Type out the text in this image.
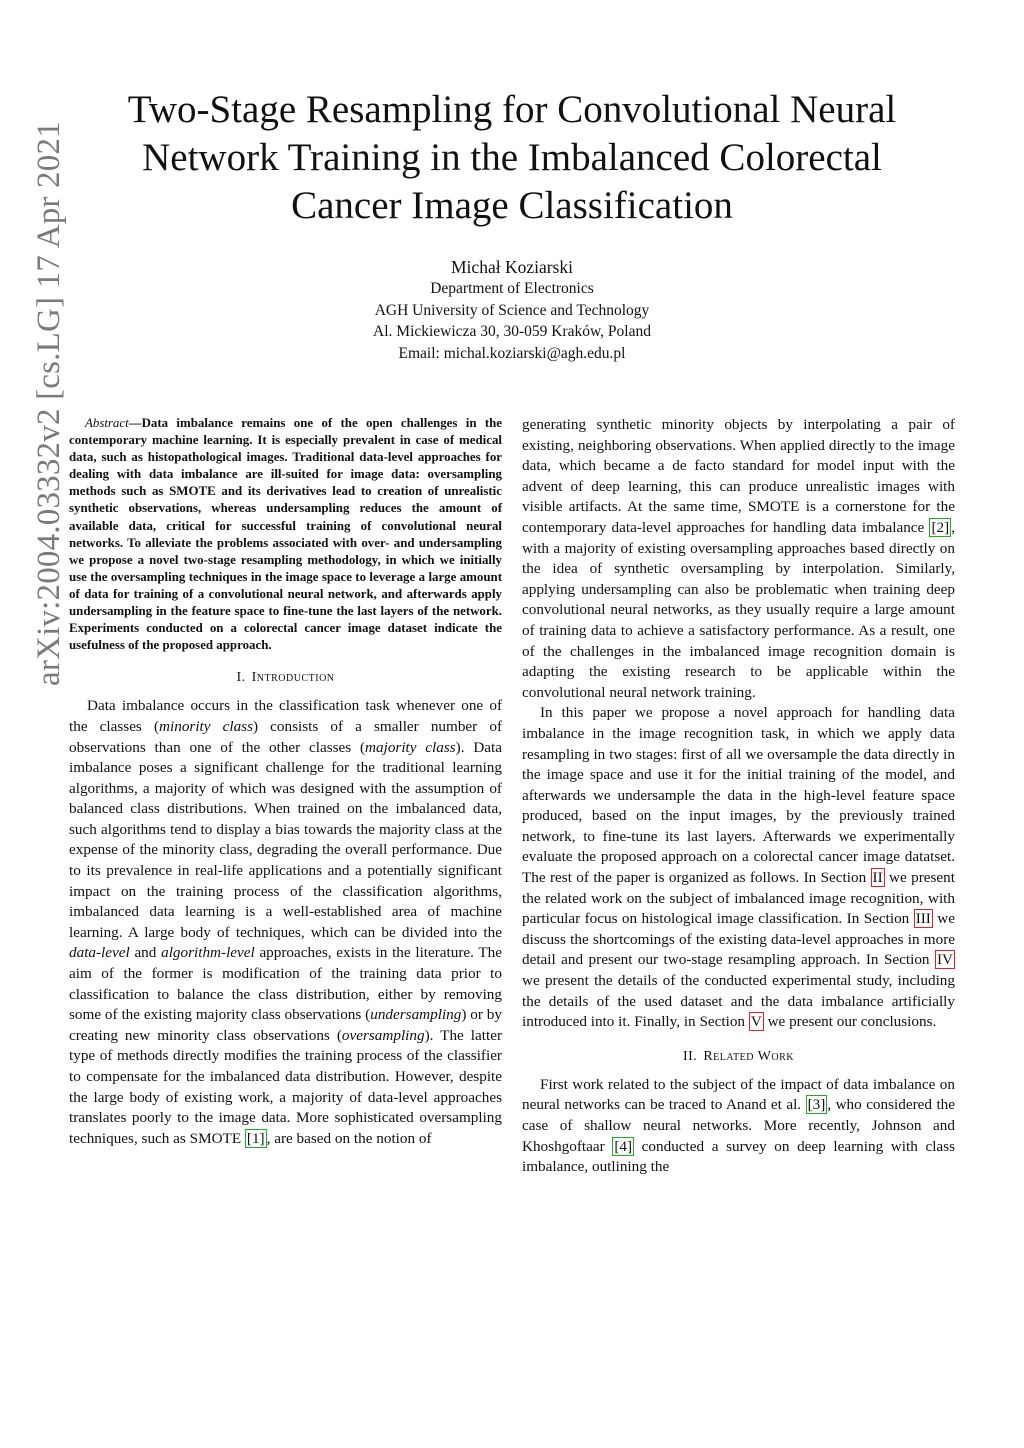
Two-Stage Resampling for Convolutional Neural
Network Training in the Imbalanced Colorectal
Cancer Image Classification
Michał Koziarski
Department of Electronics
AGH University of Science and Technology
Al. Mickiewicza 30, 30-059 Kraków, Poland
Email: michal.koziarski@agh.edu.pl
arXiv:2004.03332v2 [cs.LG] 17 Apr 2021	Abstract—Data imbalance remains one of the open challenges in the contemporary machine learning. It is especially prevalent in case of medical data, such as histopathological images. Traditional data-level approaches for dealing with data imbalance are ill-suited for image data: oversampling methods such as SMOTE and its derivatives lead to creation of unrealistic synthetic observations, whereas undersampling reduces the amount of available data, critical for successful training of convolutional neural networks. To alleviate the problems associated with over- and undersampling we propose a novel two-stage resampling methodology, in which we initially use the oversampling techniques in the image space to leverage a large amount of data for training of a convolutional neural network, and afterwards apply undersampling in the feature space to fine-tune the last layers of the network. Experiments conducted on a colorectal cancer image dataset indicate the usefulness of the proposed approach.

I. Introduction

Data imbalance occurs in the classification task whenever one of the classes (minority class) consists of a smaller number of observations than one of the other classes (majority class). Data imbalance poses a significant challenge for the traditional learning algorithms, a majority of which was designed with the assumption of balanced class distributions. When trained on the imbalanced data, such algorithms tend to display a bias towards the majority class at the expense of the minority class, degrading the overall performance. Due to its prevalence in real-life applications and a potentially significant impact on the training process of the classification algorithms, imbalanced data learning is a well-established area of machine learning. A large body of techniques, which can be divided into the data-level and algorithm-level approaches, exists in the literature. The aim of the former is modification of the training data prior to classification to balance the class distribution, either by removing some of the existing majority class observations (undersampling) or by creating new minority class observations (oversampling). The latter type of methods directly modifies the training process of the classifier to compensate for the imbalanced data distribution. However, despite the large body of existing work, a majority of data-level approaches translates poorly to the image data. More sophisticated oversampling techniques, such as SMOTE [1] , are based on the notion of

generating synthetic minority objects by interpolating a pair of existing, neighboring observations. When applied directly to the image data, which became a de facto standard for model input with the advent of deep learning, this can produce unrealistic images with visible artifacts. At the same time, SMOTE is a cornerstone for the contemporary data-level approaches for handling data imbalance [2] , with a majority of existing oversampling approaches based directly on the idea of synthetic oversampling by interpolation. Similarly, applying undersampling can also be problematic when training deep convolutional neural networks, as they usually require a large amount of training data to achieve a satisfactory performance. As a result, one of the challenges in the imbalanced image recognition domain is adapting the existing research to be applicable within the convolutional neural network training.

In this paper we propose a novel approach for handling data imbalance in the image recognition task, in which we apply data resampling in two stages: first of all we oversample the data directly in the image space and use it for the initial training of the model, and afterwards we undersample the data in the high-level feature space produced, based on the input images, by the previously trained network, to fine-tune its last layers. Afterwards we experimentally evaluate the proposed approach on a colorectal cancer image datatset. The rest of the paper is organized as follows. In Section II we present the related work on the subject of imbalanced image recognition, with particular focus on histological image classification. In Section III we discuss the shortcomings of the existing data-level approaches in more detail and present our two-stage resampling approach. In Section IV we present the details of the conducted experimental study, including the details of the used dataset and the data imbalance artificially introduced into it. Finally, in Section V we present our conclusions.

II. Related Work

First work related to the subject of the impact of data imbalance on neural networks can be traced to Anand et al. [3] , who considered the case of shallow neural networks. More recently, Johnson and Khoshgoftaar [4] conducted a survey on deep learning with class imbalance, outlining the
